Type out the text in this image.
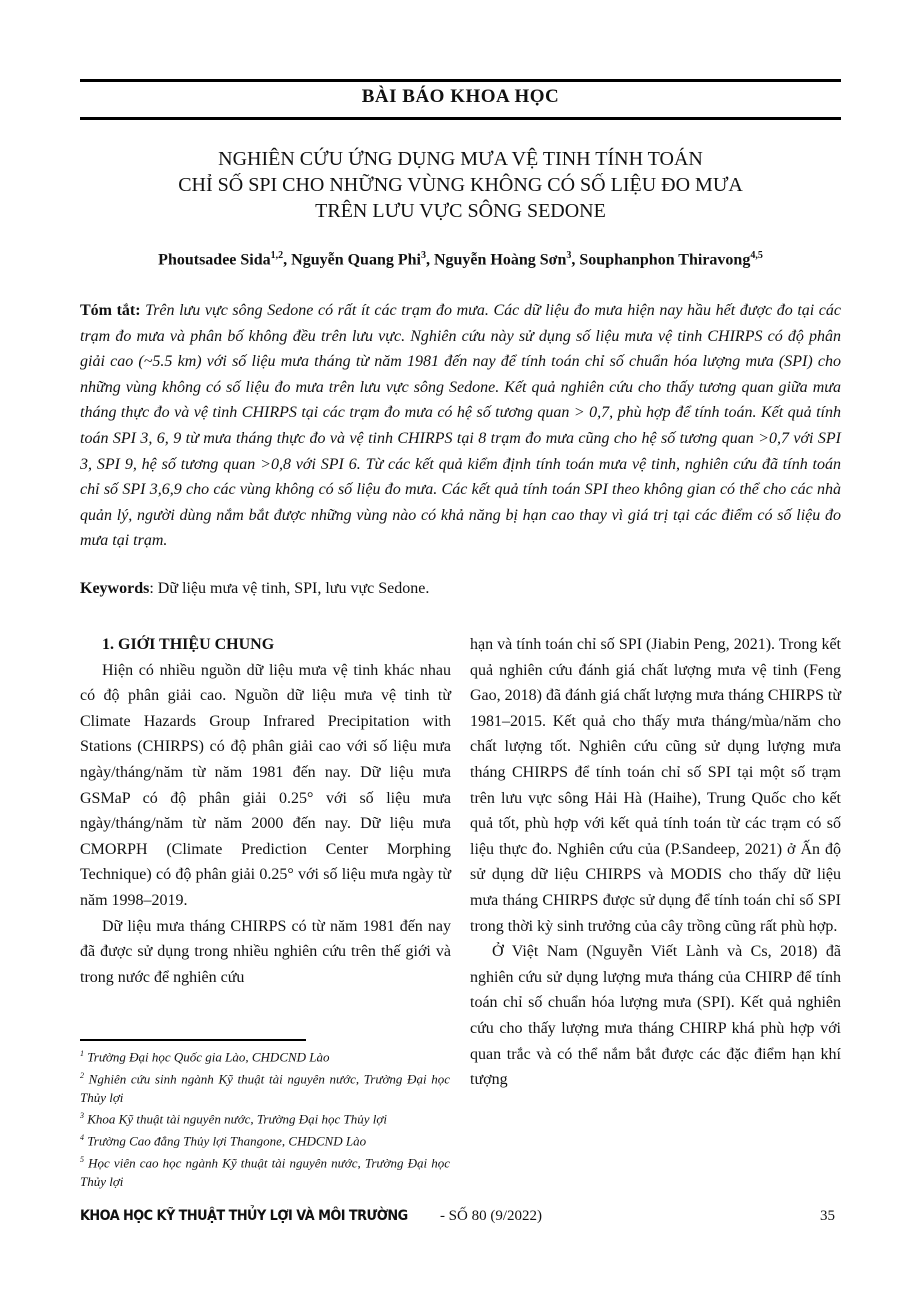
BÀI BÁO KHOA HỌC
NGHIÊN CỨU ỨNG DỤNG MƯA VỆ TINH TÍNH TOÁN
CHỈ SỐ SPI CHO NHỮNG VÙNG KHÔNG CÓ SỐ LIỆU ĐO MƯA
TRÊN LƯU VỰC SÔNG SEDONE
Phoutsadee Sida$^{1,2}$, Nguyễn Quang Phi$^3$, Nguyễn Hoàng Sơn$^3$, Souphanphon Thiravong$^{4,5}$
Tóm tắt: Trên lưu vực sông Sedone có rất ít các trạm đo mưa. Các dữ liệu đo mưa hiện nay hầu hết được đo tại các trạm đo mưa và phân bố không đều trên lưu vực. Nghiên cứu này sử dụng số liệu mưa vệ tinh CHIRPS có độ phân giải cao (~5.5 km) với số liệu mưa tháng từ năm 1981 đến nay để tính toán chỉ số chuẩn hóa lượng mưa (SPI) cho những vùng không có số liệu đo mưa trên lưu vực sông Sedone. Kết quả nghiên cứu cho thấy tương quan giữa mưa tháng thực đo và vệ tinh CHIRPS tại các trạm đo mưa có hệ số tương quan > 0,7, phù hợp để tính toán. Kết quả tính toán SPI 3, 6, 9 từ mưa tháng thực đo và vệ tinh CHIRPS tại 8 trạm đo mưa cũng cho hệ số tương quan >0,7 với SPI 3, SPI 9, hệ số tương quan >0,8 với SPI 6. Từ các kết quả kiểm định tính toán mưa vệ tinh, nghiên cứu đã tính toán chỉ số SPI 3,6,9 cho các vùng không có số liệu đo mưa. Các kết quả tính toán SPI theo không gian có thể cho các nhà quản lý, người dùng nắm bắt được những vùng nào có khả năng bị hạn cao thay vì giá trị tại các điểm có số liệu đo mưa tại trạm.
Keywords: Dữ liệu mưa vệ tinh, SPI, lưu vực Sedone.
1. GIỚI THIỆU CHUNG

Hiện có nhiều nguồn dữ liệu mưa vệ tinh khác nhau có độ phân giải cao. Nguồn dữ liệu mưa vệ tinh từ Climate Hazards Group Infrared Precipitation with Stations (CHIRPS) có độ phân giải cao với số liệu mưa ngày/tháng/năm từ năm 1981 đến nay. Dữ liệu mưa GSMaP có độ phân giải 0.25° với số liệu mưa ngày/tháng/năm từ năm 2000 đến nay. Dữ liệu mưa CMORPH (Climate Prediction Center Morphing Technique) có độ phân giải 0.25° với số liệu mưa ngày từ năm 1998–2019.

Dữ liệu mưa tháng CHIRPS có từ năm 1981 đến nay đã được sử dụng trong nhiều nghiên cứu trên thế giới và trong nước để nghiên cứu

hạn và tính toán chỉ số SPI (Jiabin Peng, 2021). Trong kết quả nghiên cứu đánh giá chất lượng mưa vệ tinh (Feng Gao, 2018) đã đánh giá chất lượng mưa tháng CHIRPS từ 1981–2015. Kết quả cho thấy mưa tháng/mùa/năm cho chất lượng tốt. Nghiên cứu cũng sử dụng lượng mưa tháng CHIRPS để tính toán chỉ số SPI tại một số trạm trên lưu vực sông Hải Hà (Haihe), Trung Quốc cho kết quả tốt, phù hợp với kết quả tính toán từ các trạm có số liệu thực đo. Nghiên cứu của (P.Sandeep, 2021) ở Ấn độ sử dụng dữ liệu CHIRPS và MODIS cho thấy dữ liệu mưa tháng CHIRPS được sử dụng để tính toán chỉ số SPI trong thời kỳ sinh trưởng của cây trồng cũng rất phù hợp.

Ở Việt Nam (Nguyễn Viết Lành và Cs, 2018) đã nghiên cứu sử dụng lượng mưa tháng của CHIRP để tính toán chỉ số chuẩn hóa lượng mưa (SPI). Kết quả nghiên cứu cho thấy lượng mưa tháng CHIRP khá phù hợp với quan trắc và có thể nắm bắt được các đặc điểm hạn khí tượng

$^1$ Trường Đại học Quốc gia Lào, CHDCND Lào
$^2$ Nghiên cứu sinh ngành Kỹ thuật tài nguyên nước, Trường Đại học Thủy lợi
$^3$ Khoa Kỹ thuật tài nguyên nước, Trường Đại học Thủy lợi
$^4$ Trường Cao đẳng Thủy lợi Thangone, CHDCND Lào
$^5$ Học viên cao học ngành Kỹ thuật tài nguyên nước, Trường Đại học Thủy lợi
KHOA HỌC KỸ THUẬT THỦY LỢI VÀ MÔI TRƯỜNG - SỐ 80 (9/2022)	35
